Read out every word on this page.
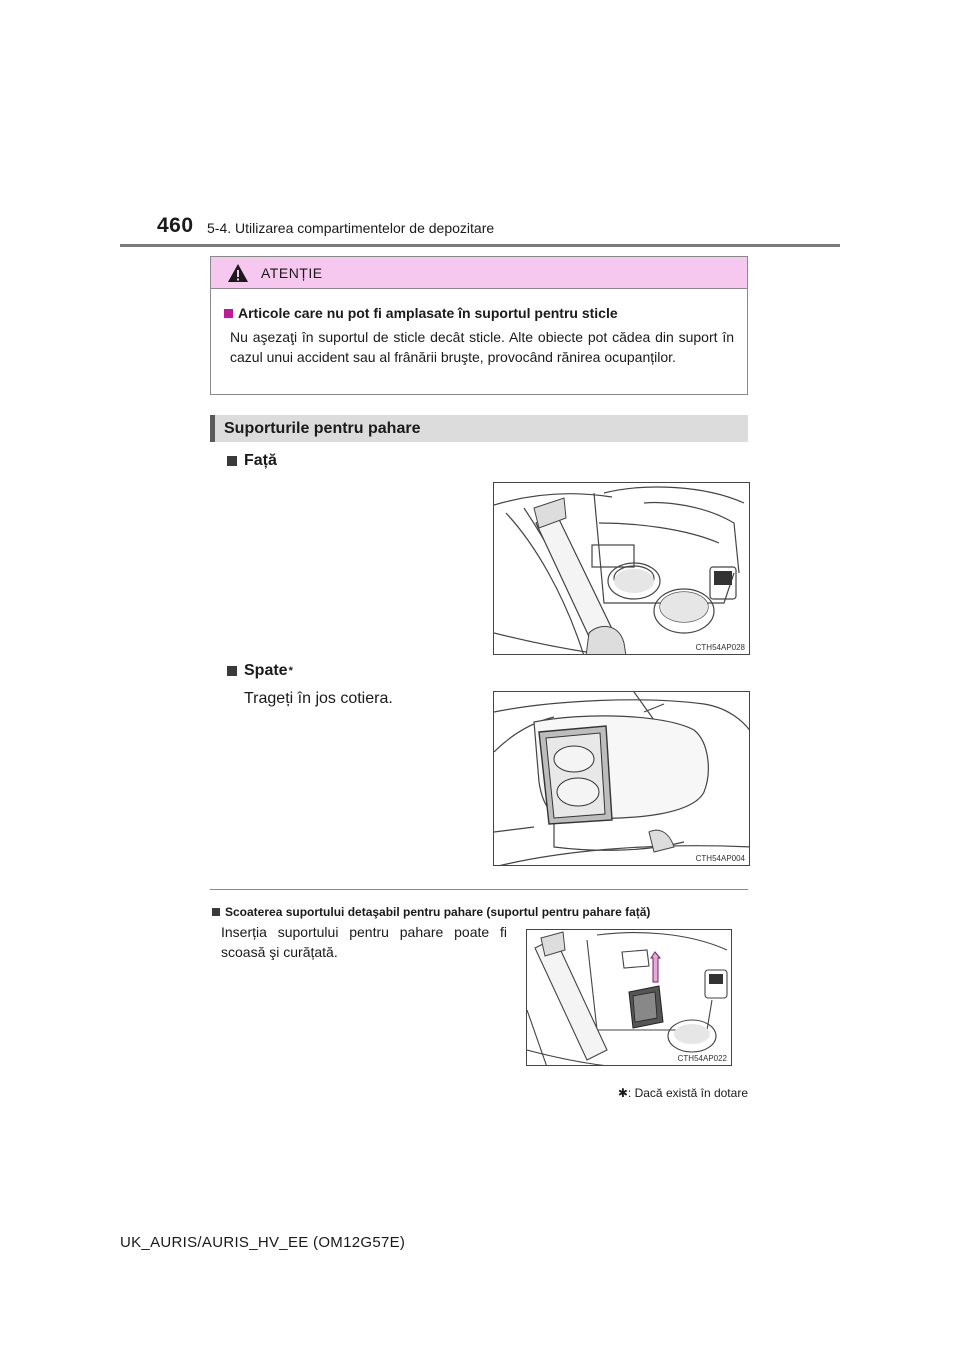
460 5-4. Utilizarea compartimentelor de depozitare
ATENȚIE
Articole care nu pot fi amplasate în suportul pentru sticle
Nu aşezaţi în suportul de sticle decât sticle. Alte obiecte pot cădea din suport în cazul unui accident sau al frânării bruşte, provocând rănirea ocupanților.
Suporturile pentru pahare
Față
CTH54AP028
Spate *
Trageți în jos cotiera.
CTH54AP004
Scoaterea suportului detaşabil pentru pahare (suportul pentru pahare față)
Inserția suportului pentru pahare poate fi scoasă şi curățată.
CTH54AP022
✱: Dacă există în dotare
UK_AURIS/AURIS_HV_EE (OM12G57E)
